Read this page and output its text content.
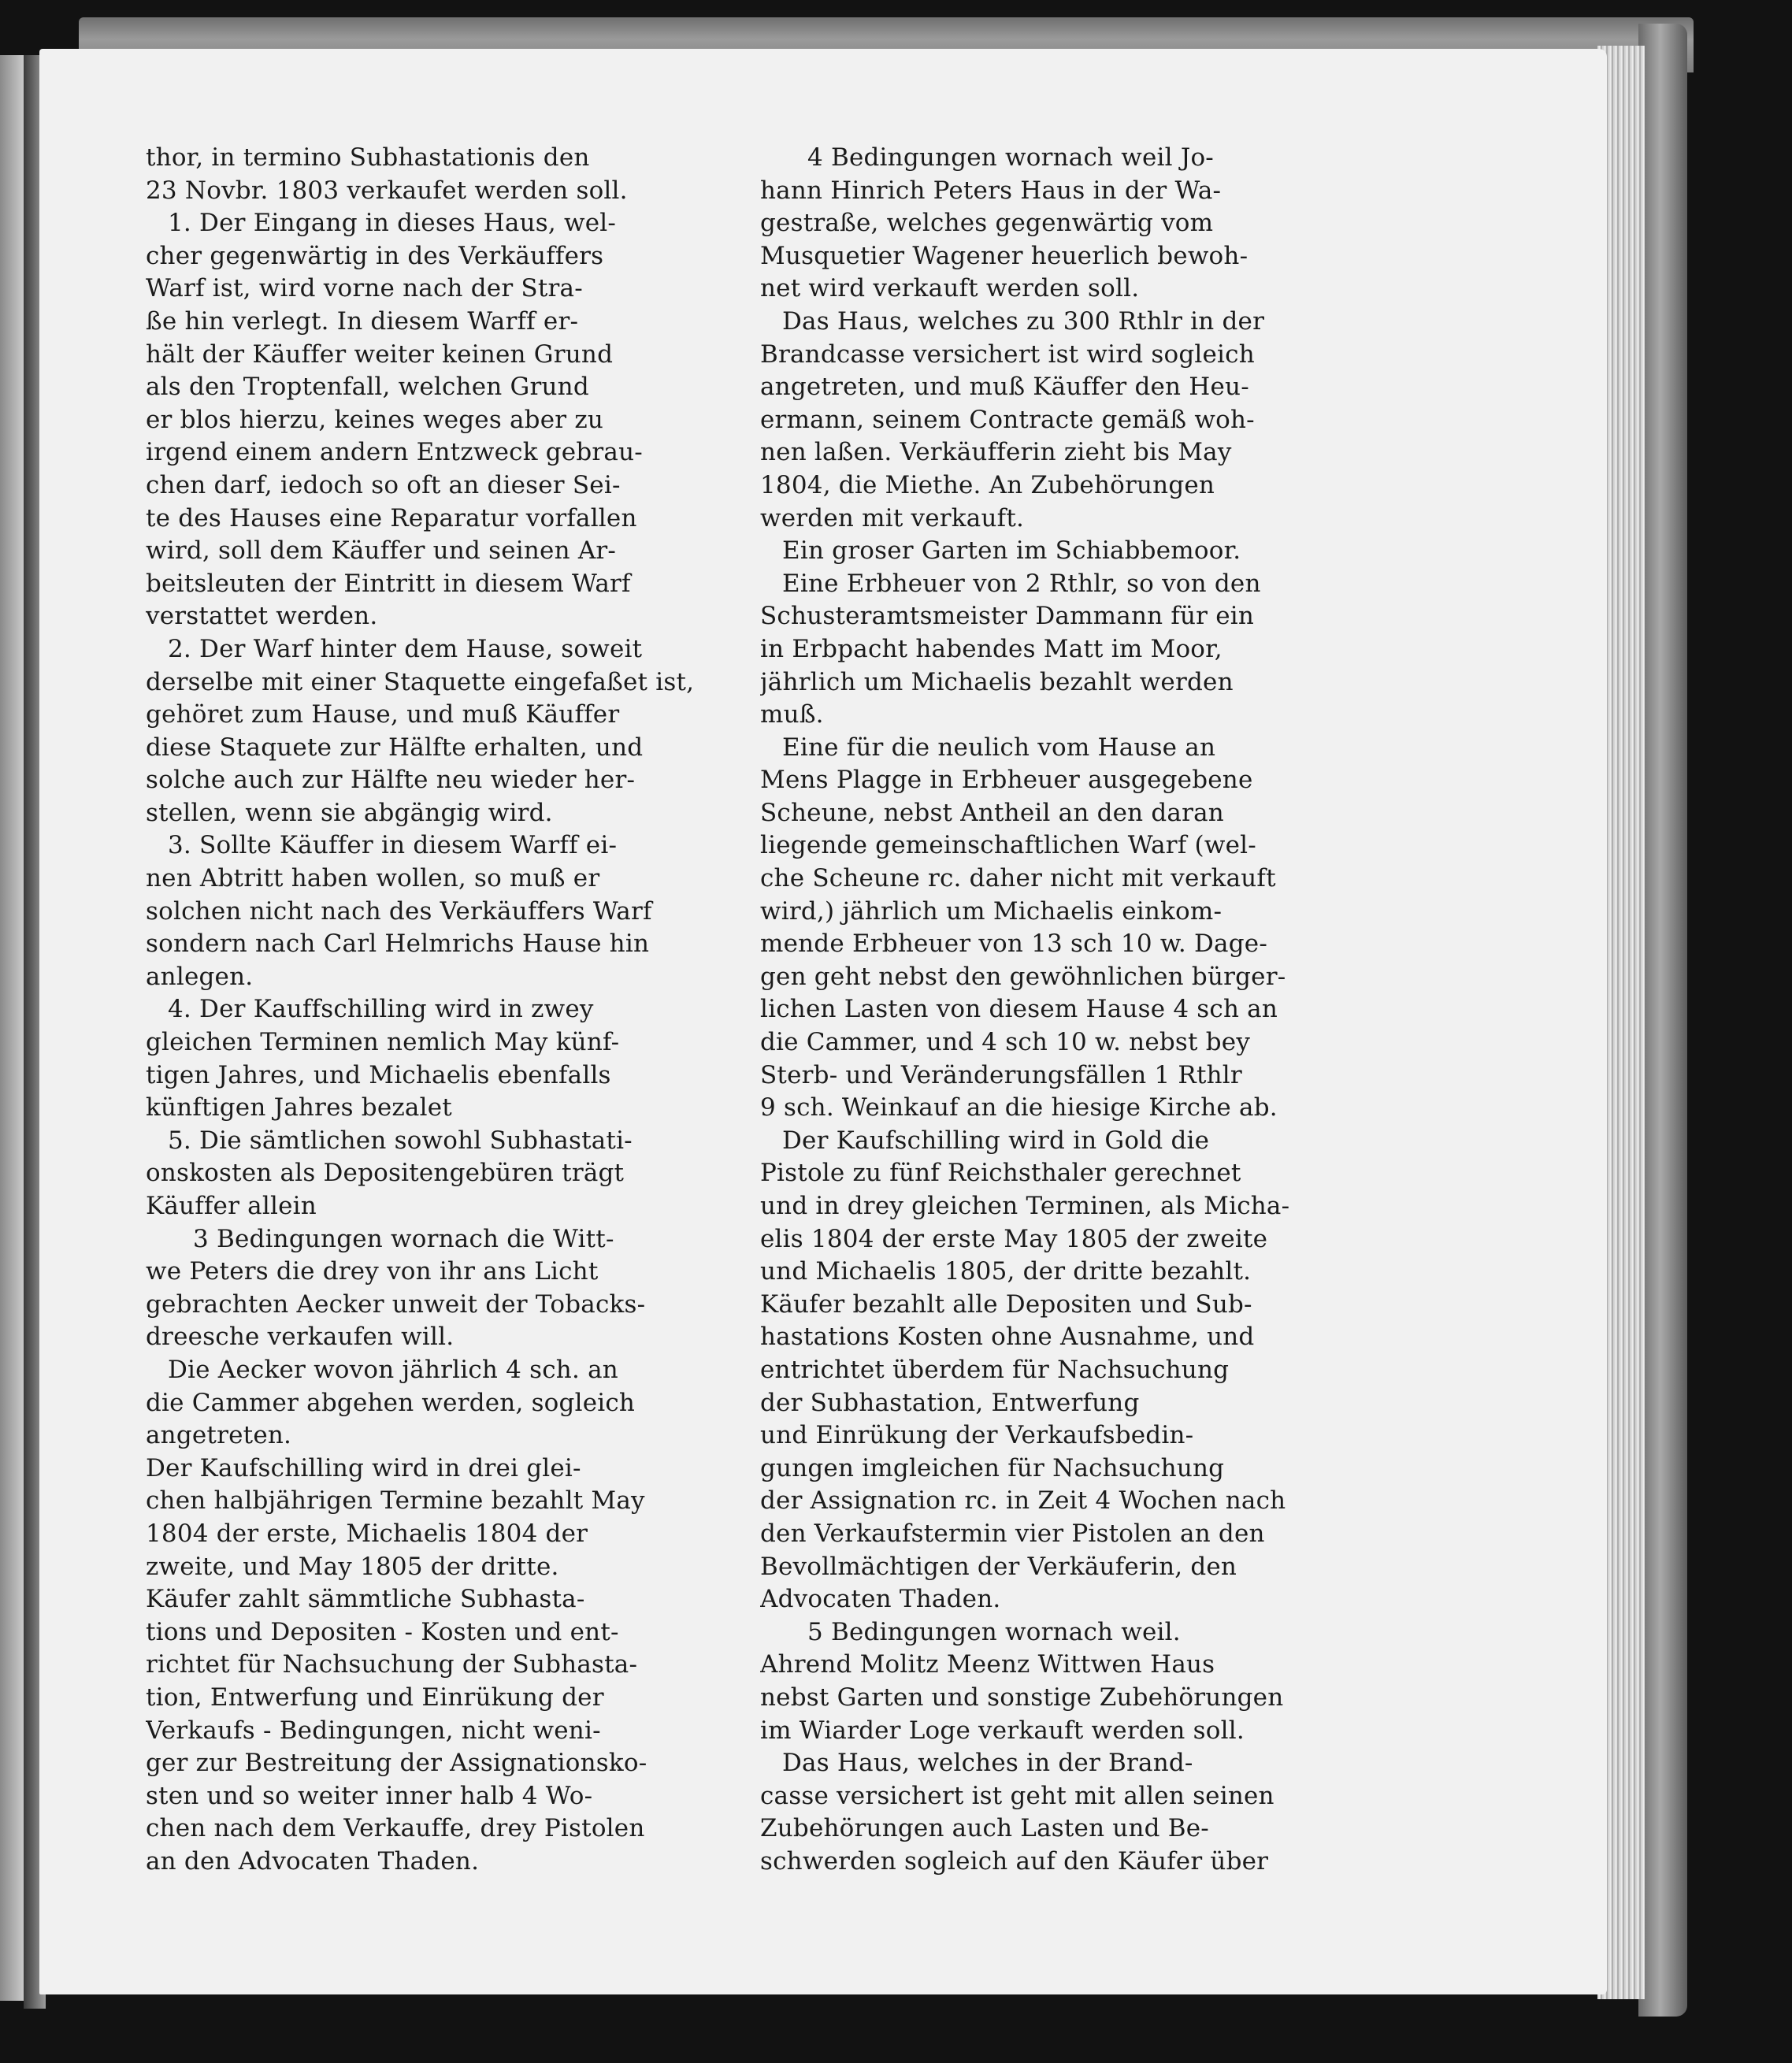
thor, in termino Subhastationis den

23 Novbr. 1803 verkaufet werden soll.

1. Der Eingang in dieses Haus, wel-

cher gegenwärtig in des Verkäuffers

Warf ist, wird vorne nach der Stra-

ße hin verlegt. In diesem Warff er-

hält der Käuffer weiter keinen Grund

als den Troptenfall, welchen Grund

er blos hierzu, keines weges aber zu

irgend einem andern Entzweck gebrau-

chen darf, iedoch so oft an dieser Sei-

te des Hauses eine Reparatur vorfallen

wird, soll dem Käuffer und seinen Ar-

beitsleuten der Eintritt in diesem Warf

verstattet werden.

2. Der Warf hinter dem Hause, soweit

derselbe mit einer Staquette eingefaßet ist,

gehöret zum Hause, und muß Käuffer

diese Staquete zur Hälfte erhalten, und

solche auch zur Hälfte neu wieder her-

stellen, wenn sie abgängig wird.

3. Sollte Käuffer in diesem Warff ei-

nen Abtritt haben wollen, so muß er

solchen nicht nach des Verkäuffers Warf

sondern nach Carl Helmrichs Hause hin

anlegen.

4. Der Kauffschilling wird in zwey

gleichen Terminen nemlich May künf-

tigen Jahres, und Michaelis ebenfalls

künftigen Jahres bezalet

5. Die sämtlichen sowohl Subhastati-

onskosten als Depositengebüren trägt

Käuffer allein

3 Bedingungen wornach die Witt-

we Peters die drey von ihr ans Licht

gebrachten Aecker unweit der Tobacks-

dreesche verkaufen will.

Die Aecker wovon jährlich 4 sch. an

die Cammer abgehen werden, sogleich

angetreten.

Der Kaufschilling wird in drei glei-

chen halbjährigen Termine bezahlt May

1804 der erste, Michaelis 1804 der

zweite, und May 1805 der dritte.

Käufer zahlt sämmtliche Subhasta-

tions und Depositen - Kosten und ent-

richtet für Nachsuchung der Subhasta-

tion, Entwerfung und Einrükung der

Verkaufs - Bedingungen, nicht weni-

ger zur Bestreitung der Assignationsko-

sten und so weiter inner halb 4 Wo-

chen nach dem Verkauffe, drey Pistolen

an den Advocaten Thaden.

4 Bedingungen wornach weil Jo-

hann Hinrich Peters Haus in der Wa-

gestraße, welches gegenwärtig vom

Musquetier Wagener heuerlich bewoh-

net wird verkauft werden soll.

Das Haus, welches zu 300 Rthlr in der

Brandcasse versichert ist wird sogleich

angetreten, und muß Käuffer den Heu-

ermann, seinem Contracte gemäß woh-

nen laßen. Verkäufferin zieht bis May

1804, die Miethe. An Zubehörungen

werden mit verkauft.

Ein groser Garten im Schiabbemoor.

Eine Erbheuer von 2 Rthlr, so von den

Schusteramtsmeister Dammann für ein

in Erbpacht habendes Matt im Moor,

jährlich um Michaelis bezahlt werden

muß.

Eine für die neulich vom Hause an

Mens Plagge in Erbheuer ausgegebene

Scheune, nebst Antheil an den daran

liegende gemeinschaftlichen Warf (wel-

che Scheune rc. daher nicht mit verkauft

wird,) jährlich um Michaelis einkom-

mende Erbheuer von 13 sch 10 w. Dage-

gen geht nebst den gewöhnlichen bürger-

lichen Lasten von diesem Hause 4 sch an

die Cammer, und 4 sch 10 w. nebst bey

Sterb- und Veränderungsfällen 1 Rthlr

9 sch. Weinkauf an die hiesige Kirche ab.

Der Kaufschilling wird in Gold die

Pistole zu fünf Reichsthaler gerechnet

und in drey gleichen Terminen, als Micha-

elis 1804 der erste May 1805 der zweite

und Michaelis 1805, der dritte bezahlt.

Käufer bezahlt alle Depositen und Sub-

hastations Kosten ohne Ausnahme, und

entrichtet überdem für Nachsuchung

der Subhastation, Entwerfung

und Einrükung der Verkaufsbedin-

gungen imgleichen für Nachsuchung

der Assignation rc. in Zeit 4 Wochen nach

den Verkaufstermin vier Pistolen an den

Bevollmächtigen der Verkäuferin, den

Advocaten Thaden.

5 Bedingungen wornach weil.

Ahrend Molitz Meenz Wittwen Haus

nebst Garten und sonstige Zubehörungen

im Wiarder Loge verkauft werden soll.

Das Haus, welches in der Brand-

casse versichert ist geht mit allen seinen

Zubehörungen auch Lasten und Be-

schwerden sogleich auf den Käufer über
